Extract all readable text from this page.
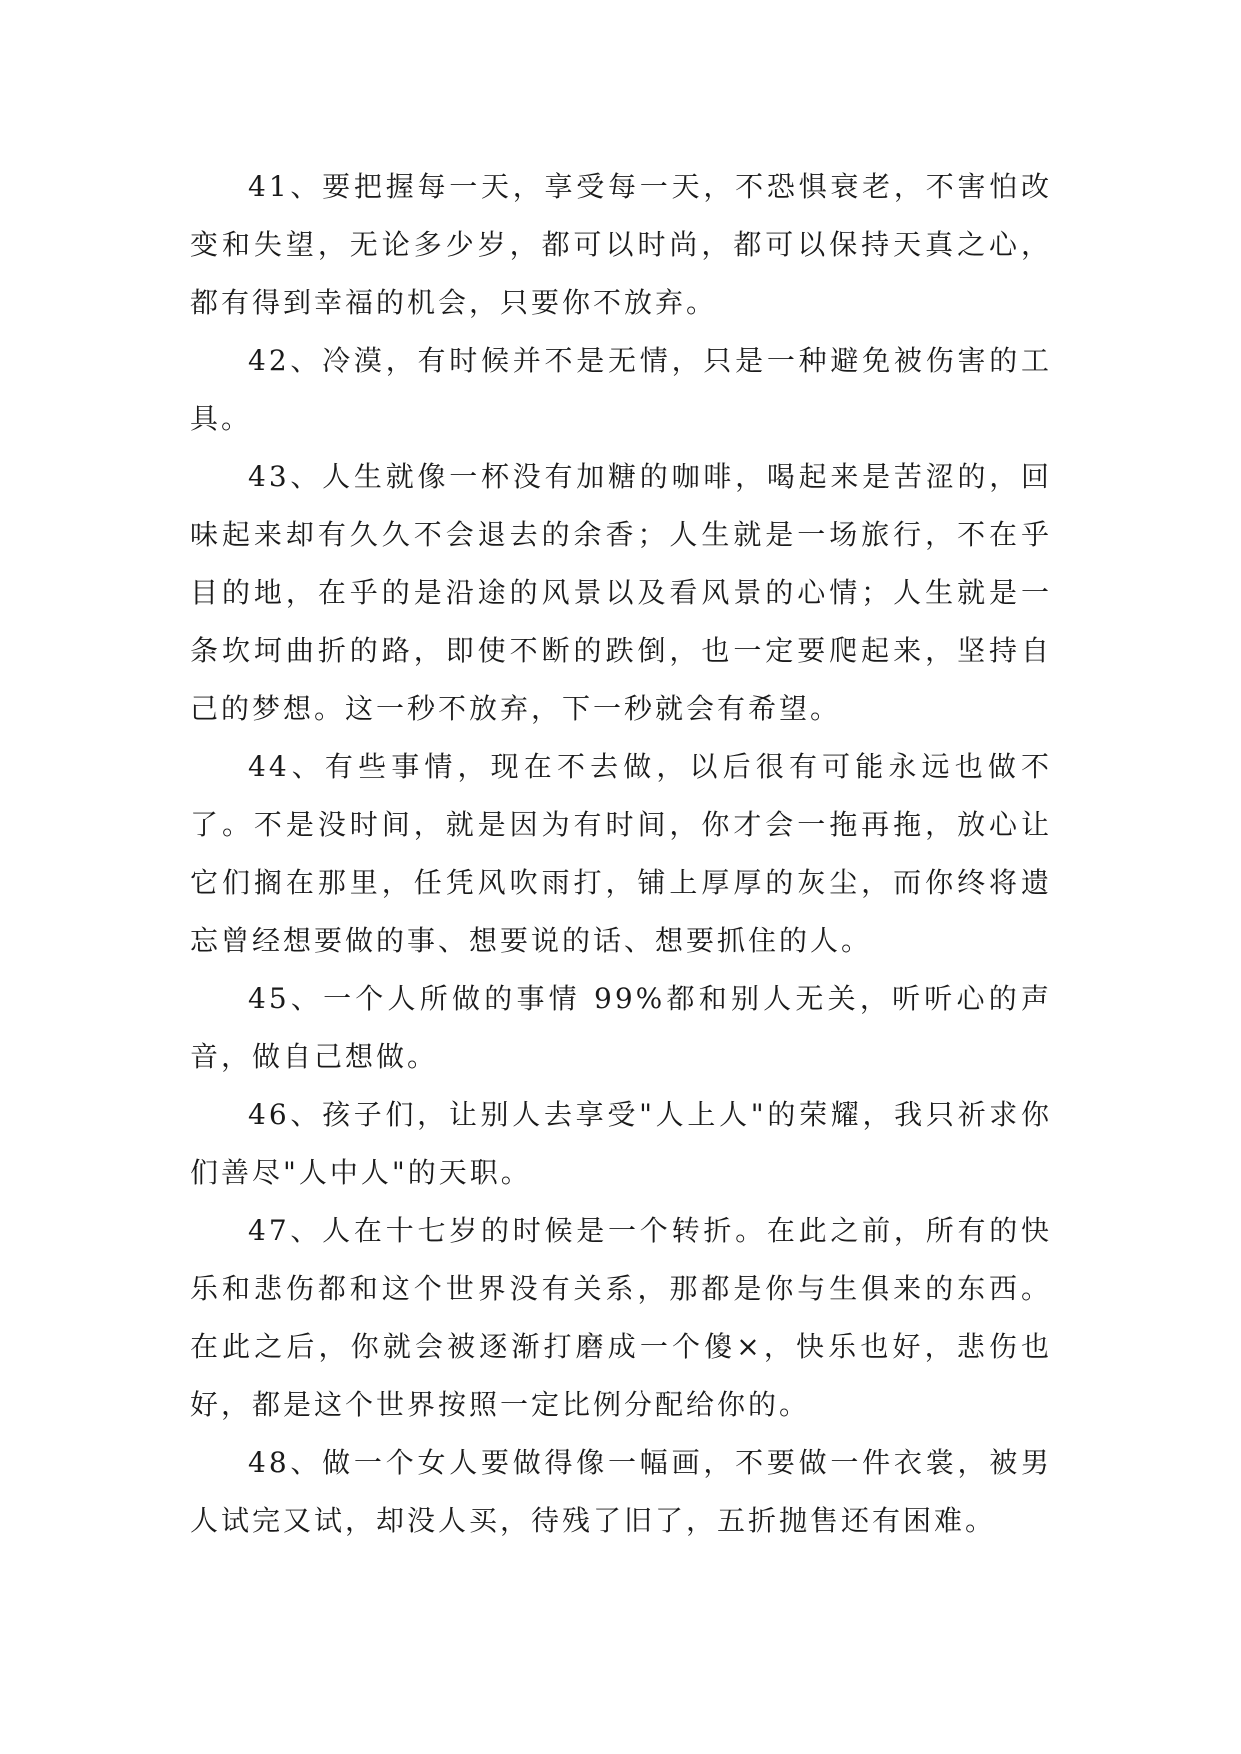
41、要把握每一天，享受每一天，不恐惧衰老，不害怕改变和失望，无论多少岁，都可以时尚，都可以保持天真之心，都有得到幸福的机会，只要你不放弃。

42、冷漠，有时候并不是无情，只是一种避免被伤害的工具。

43、人生就像一杯没有加糖的咖啡，喝起来是苦涩的，回味起来却有久久不会退去的余香；人生就是一场旅行，不在乎目的地，在乎的是沿途的风景以及看风景的心情；人生就是一条坎坷曲折的路，即使不断的跌倒，也一定要爬起来，坚持自己的梦想。这一秒不放弃，下一秒就会有希望。

44、有些事情，现在不去做，以后很有可能永远也做不了。不是没时间，就是因为有时间，你才会一拖再拖，放心让它们搁在那里，任凭风吹雨打，铺上厚厚的灰尘，而你终将遗忘曾经想要做的事、想要说的话、想要抓住的人。

45、一个人所做的事情 99%都和别人无关，听听心的声音，做自己想做。

46、孩子们，让别人去享受"人上人"的荣耀，我只祈求你们善尽"人中人"的天职。

47、人在十七岁的时候是一个转折。在此之前，所有的快乐和悲伤都和这个世界没有关系，那都是你与生俱来的东西。在此之后，你就会被逐渐打磨成一个傻×，快乐也好，悲伤也好，都是这个世界按照一定比例分配给你的。

48、做一个女人要做得像一幅画，不要做一件衣裳，被男人试完又试，却没人买，待残了旧了，五折抛售还有困难。
